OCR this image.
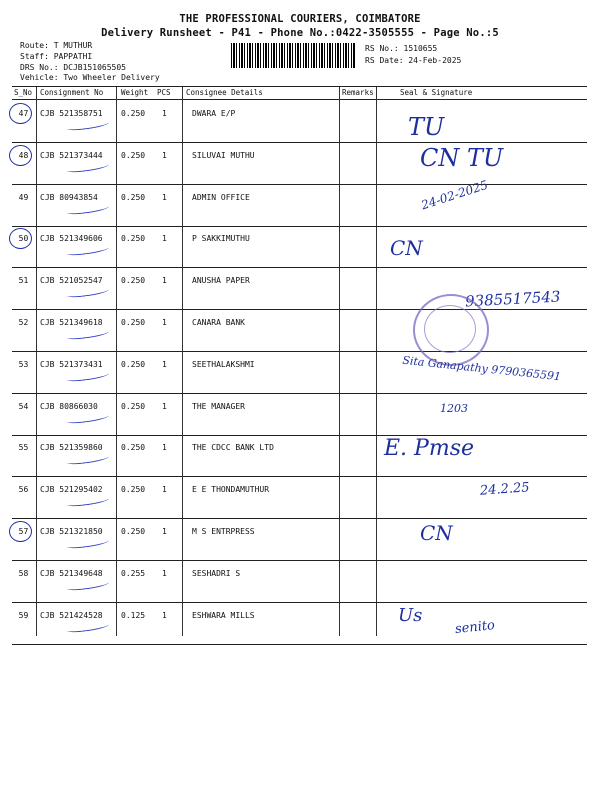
THE PROFESSIONAL COURIERS, COIMBATORE
Delivery Runsheet - P41 - Phone No.:0422-3505555 - Page No.:5
Route: T MUTHUR
Staff: PAPPATHI
DRS No.: DCJB151065505
Vehicle: Two Wheeler Delivery
RS No.: 1510655
RS Date: 24-Feb-2025
S_No Consignment No Weight PCS Consignee Details	Remarks	Seal & Signature
47	CJB 521358751 0.250 1	DWARA E/P
48	CJB 521373444 0.250 1	SILUVAI MUTHU
49	CJB 80943854	0.250 1	ADMIN OFFICE
50	CJB 521349606 0.250 1	P SAKKIMUTHU
51	CJB 521052547 0.250 1	ANUSHA PAPER
52	CJB 521349618 0.250 1	CANARA BANK
53	CJB 521373431 0.250 1	SEETHALAKSHMI
54	CJB 80866030	0.250 1	THE MANAGER
55	CJB 521359860 0.250 1	THE CDCC BANK LTD
56	CJB 521295402 0.250 1	E E THONDAMUTHUR
57	CJB 521321850 0.250 1	M S ENTRPRESS
58	CJB 521349648 0.255 1	SESHADRI S
59	CJB 521424528 0.125 1	ESHWARA MILLS
TU
CN TU
24-02-2025
CN
9385517543
Sita Ganapathy 9790365591
1203
E. Pmse
24.2.25
CN
Us
senito
